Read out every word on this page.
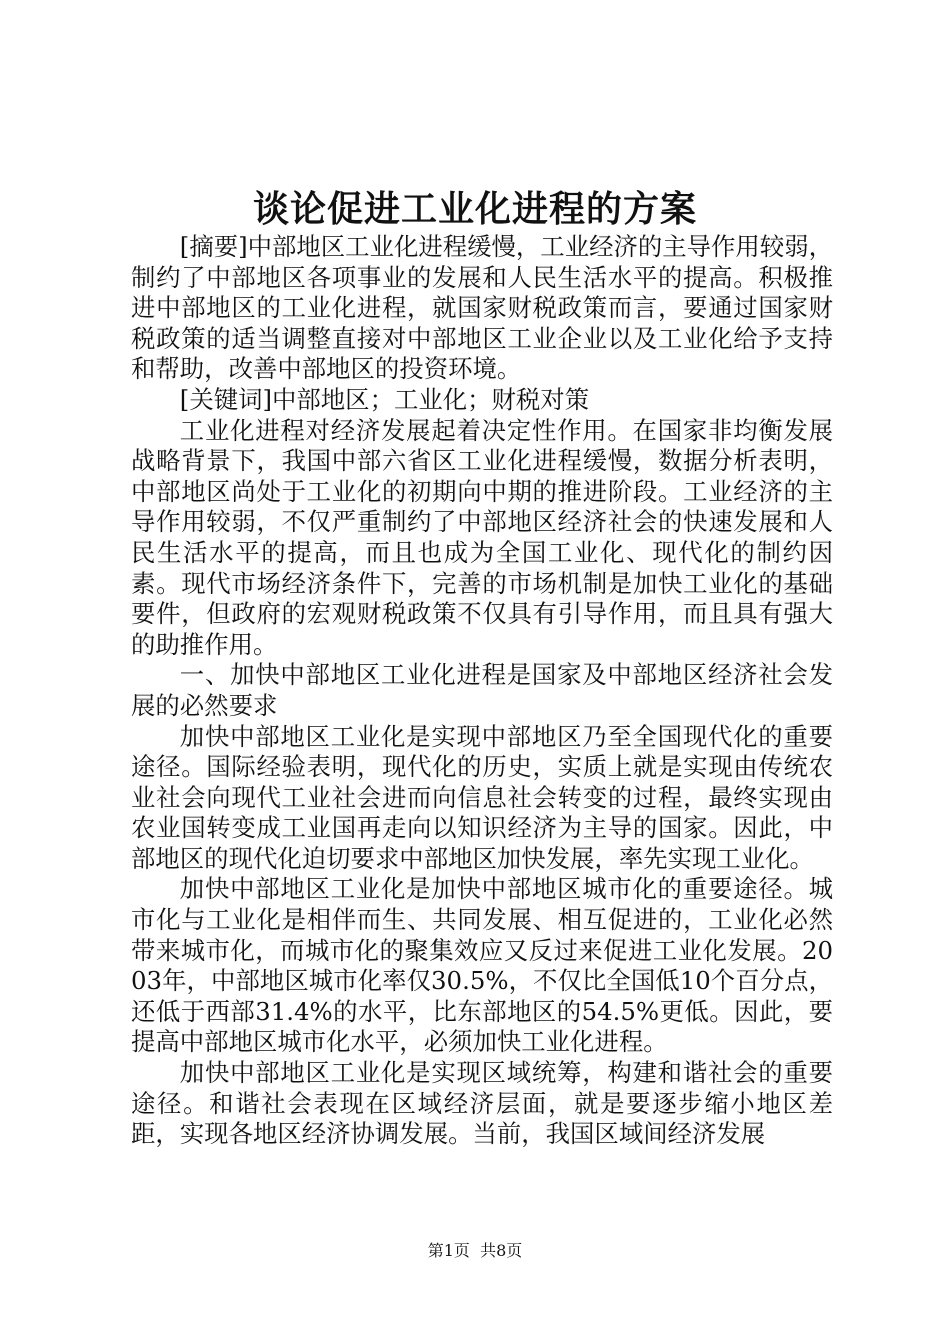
谈论促进工业化进程的方案

[摘要]中部地区工业化进程缓慢，工业经济的主导作用较弱，制约了中部地区各项事业的发展和人民生活水平的提高。积极推进中部地区的工业化进程，就国家财税政策而言，要通过国家财税政策的适当调整直接对中部地区工业企业以及工业化给予支持和帮助，改善中部地区的投资环境。

[关键词]中部地区；工业化；财税对策

工业化进程对经济发展起着决定性作用。在国家非均衡发展战略背景下，我国中部六省区工业化进程缓慢，数据分析表明，中部地区尚处于工业化的初期向中期的推进阶段。工业经济的主导作用较弱，不仅严重制约了中部地区经济社会的快速发展和人民生活水平的提高，而且也成为全国工业化、现代化的制约因素。现代市场经济条件下，完善的市场机制是加快工业化的基础要件，但政府的宏观财税政策不仅具有引导作用，而且具有强大的助推作用。

一、加快中部地区工业化进程是国家及中部地区经济社会发展的必然要求

加快中部地区工业化是实现中部地区乃至全国现代化的重要途径。国际经验表明，现代化的历史，实质上就是实现由传统农业社会向现代工业社会进而向信息社会转变的过程，最终实现由农业国转变成工业国再走向以知识经济为主导的国家。因此，中部地区的现代化迫切要求中部地区加快发展，率先实现工业化。

加快中部地区工业化是加快中部地区城市化的重要途径。城市化与工业化是相伴而生、共同发展、相互促进的，工业化必然带来城市化，而城市化的聚集效应又反过来促进工业化发展。2003年，中部地区城市化率仅30.5%，不仅比全国低10个百分点，还低于西部31.4%的水平，比东部地区的54.5%更低。因此，要提高中部地区城市化水平，必须加快工业化进程。

加快中部地区工业化是实现区域统筹，构建和谐社会的重要途径。和谐社会表现在区域经济层面，就是要逐步缩小地区差距，实现各地区经济协调发展。当前，我国区域间经济发展

第1页  共8页
